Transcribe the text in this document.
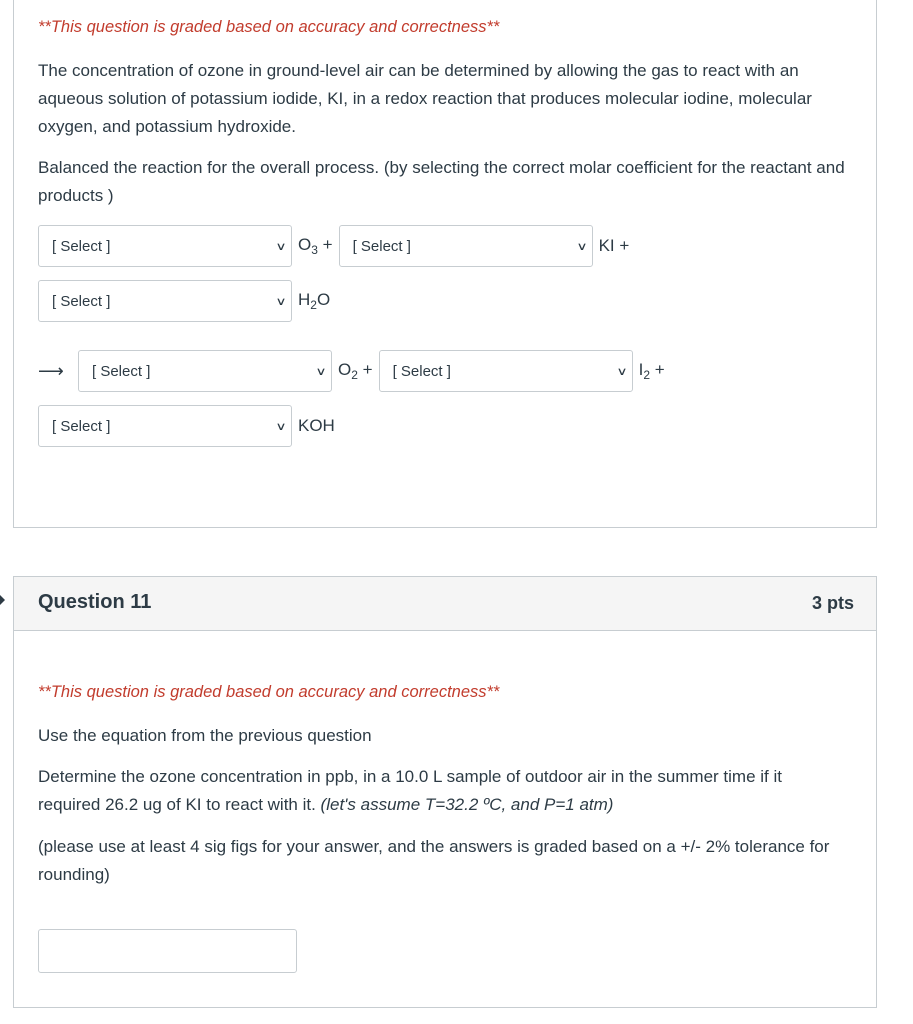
**This question is graded based on accuracy and correctness**

The concentration of ozone in ground-level air can be determined by allowing the gas to react with an aqueous solution of potassium iodide, KI, in a redox reaction that produces molecular iodine, molecular oxygen, and potassium hydroxide.

Balanced the reaction for the overall process. (by selecting the correct molar coefficient for the reactant and products )

[ Select ]	∨ $O_3$ + [ Select ]	∨ KI +
[ Select ]	∨ $H_2O$
⟶ [ Select ]	∨ $O_2$ + [ Select ]	∨ $I_2$ +
[ Select ]	∨ KOH
Question 11	3 pts
**This question is graded based on accuracy and correctness**

Use the equation from the previous question

Determine the ozone concentration in ppb, in a 10.0 L sample of outdoor air in the summer time if it required 26.2 ug of KI to react with it. (let's assume T=32.2 ºC, and P=1 atm)

(please use at least 4 sig figs for your answer, and the answers is graded based on a +/- 2% tolerance for rounding)
